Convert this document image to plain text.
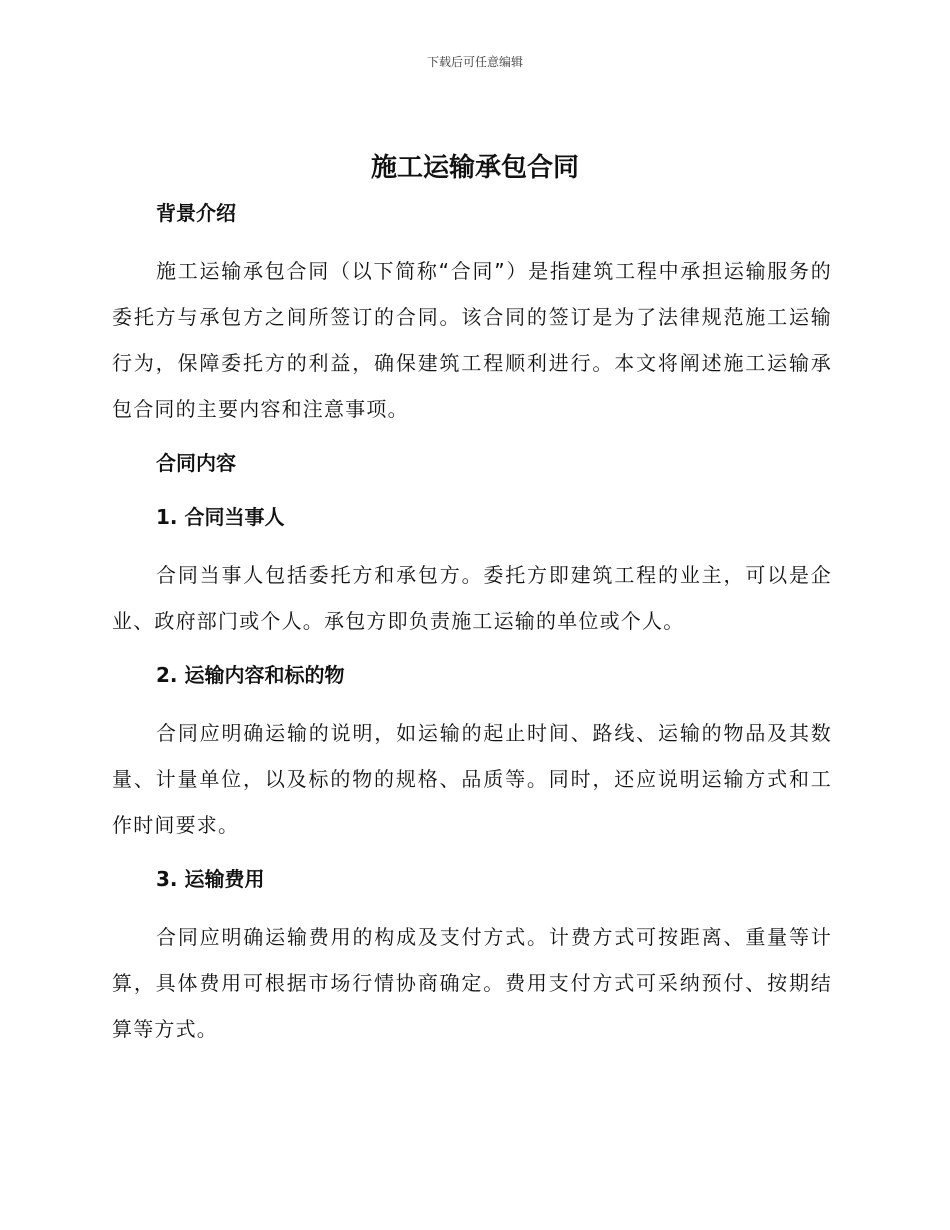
下载后可任意编辑
施工运输承包合同
背景介绍

施工运输承包合同（以下简称“合同”）是指建筑工程中承担运输服务的委托方与承包方之间所签订的合同。该合同的签订是为了法律规范施工运输行为，保障委托方的利益，确保建筑工程顺利进行。本文将阐述施工运输承包合同的主要内容和注意事项。

合同内容
1. 合同当事人

合同当事人包括委托方和承包方。委托方即建筑工程的业主，可以是企业、政府部门或个人。承包方即负责施工运输的单位或个人。

2. 运输内容和标的物

合同应明确运输的说明，如运输的起止时间、路线、运输的物品及其数量、计量单位，以及标的物的规格、品质等。同时，还应说明运输方式和工作时间要求。

3. 运输费用

合同应明确运输费用的构成及支付方式。计费方式可按距离、重量等计算，具体费用可根据市场行情协商确定。费用支付方式可采纳预付、按期结算等方式。
